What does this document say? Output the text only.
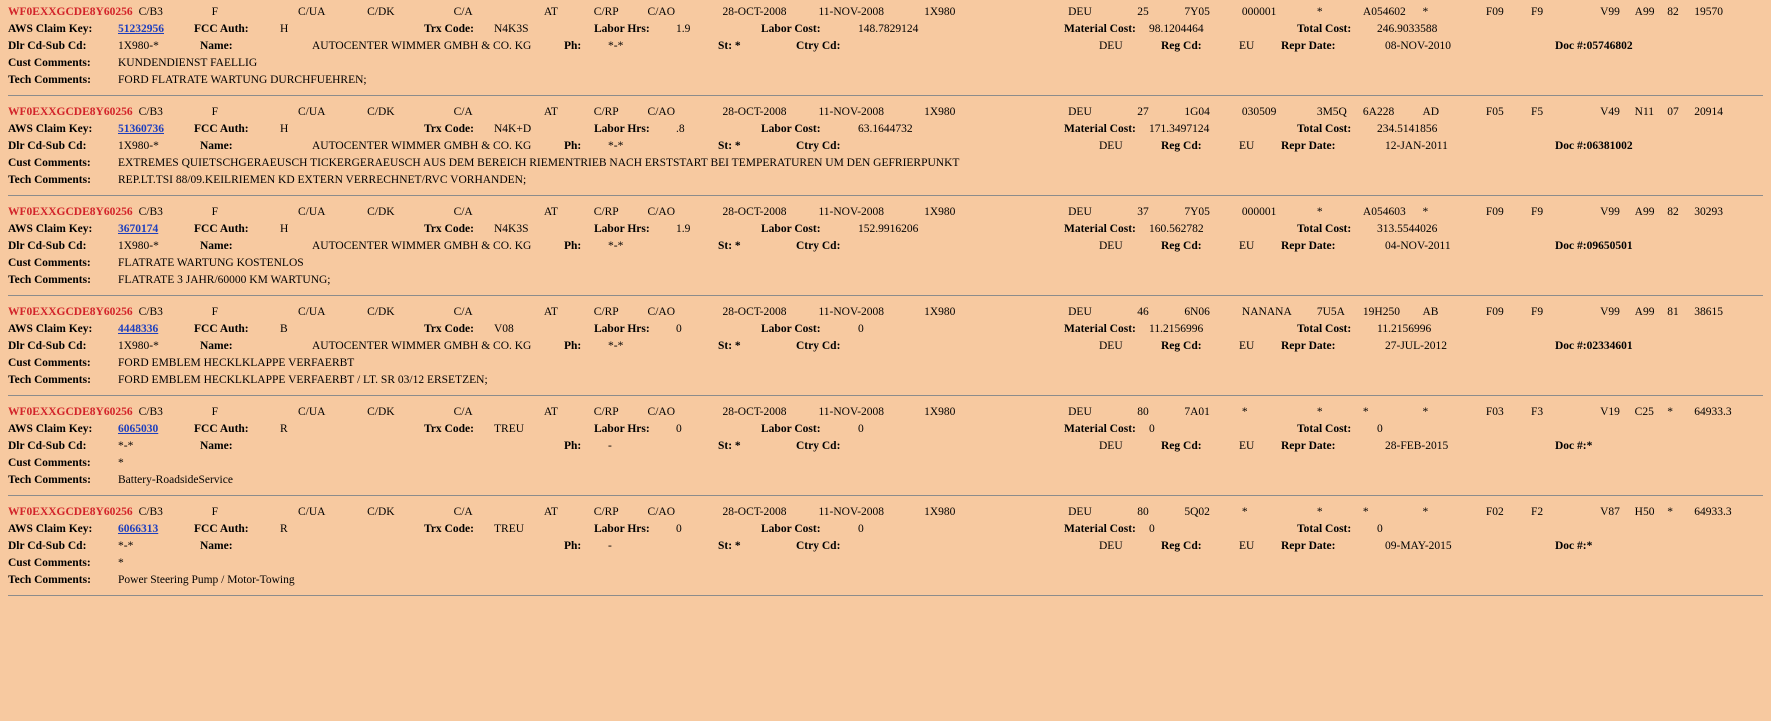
WF0EXXGCDE8Y60256 C/B3	F	C/UA	C/DK	C/A	AT	C/RP	C/AO	28-OCT-2008	11-NOV-2008	1X980	DEU	25	7Y05	000001	*	A054602	*	F09	F9	V99	A99	82	19570
AWS Claim Key:	51232956	FCC Auth:	H	Trx Code:	N4K3S	Labor Hrs:	1.9	Labor Cost:	148.7829124	Material Cost:	98.1204464	Total Cost:	246.9033588
Dlr Cd-Sub Cd:	1X980-*	Name:	AUTOCENTER WIMMER GMBH & CO. KG	Ph:	*-*	St: *	Ctry Cd:	DEU	Reg Cd:	EU	Repr Date:	08-NOV-2010	Doc #:05746802
Cust Comments:	KUNDENDIENST FAELLIG
Tech Comments:	FORD FLATRATE WARTUNG DURCHFUEHREN;
WF0EXXGCDE8Y60256 C/B3	F	C/UA	C/DK	C/A	AT	C/RP	C/AO	28-OCT-2008	11-NOV-2008	1X980	DEU	27	1G04	030509	3M5Q	6A228	AD	F05	F5	V49	N11	07	20914
AWS Claim Key:	51360736	FCC Auth:	H	Trx Code:	N4K+D	Labor Hrs:	.8	Labor Cost:	63.1644732	Material Cost:	171.3497124	Total Cost:	234.5141856
Dlr Cd-Sub Cd:	1X980-*	Name:	AUTOCENTER WIMMER GMBH & CO. KG	Ph:	*-*	St: *	Ctry Cd:	DEU	Reg Cd:	EU	Repr Date:	12-JAN-2011	Doc #:06381002
Cust Comments:	EXTREMES QUIETSCHGERAEUSCH TICKERGERAEUSCH AUS DEM BEREICH RIEMENTRIEB NACH ERSTSTART BEI TEMPERATUREN UM DEN GEFRIERPUNKT
Tech Comments:	REP.LT.TSI 88/09.KEILRIEMEN KD EXTERN VERRECHNET/RVC VORHANDEN;
WF0EXXGCDE8Y60256 C/B3	F	C/UA	C/DK	C/A	AT	C/RP	C/AO	28-OCT-2008	11-NOV-2008	1X980	DEU	37	7Y05	000001	*	A054603	*	F09	F9	V99	A99	82	30293
AWS Claim Key:	3670174	FCC Auth:	H	Trx Code:	N4K3S	Labor Hrs:	1.9	Labor Cost:	152.9916206	Material Cost:	160.562782	Total Cost:	313.5544026
Dlr Cd-Sub Cd:	1X980-*	Name:	AUTOCENTER WIMMER GMBH & CO. KG	Ph:	*-*	St: *	Ctry Cd:	DEU	Reg Cd:	EU	Repr Date:	04-NOV-2011	Doc #:09650501
Cust Comments:	FLATRATE WARTUNG KOSTENLOS
Tech Comments:	FLATRATE 3 JAHR/60000 KM WARTUNG;
WF0EXXGCDE8Y60256 C/B3	F	C/UA	C/DK	C/A	AT	C/RP	C/AO	28-OCT-2008	11-NOV-2008	1X980	DEU	46	6N06	NANANA	7U5A	19H250	AB	F09	F9	V99	A99	81	38615
AWS Claim Key:	4448336	FCC Auth:	B	Trx Code:	V08	Labor Hrs:	0	Labor Cost:	0	Material Cost:	11.2156996	Total Cost:	11.2156996
Dlr Cd-Sub Cd:	1X980-*	Name:	AUTOCENTER WIMMER GMBH & CO. KG	Ph:	*-*	St: *	Ctry Cd:	DEU	Reg Cd:	EU	Repr Date:	27-JUL-2012	Doc #:02334601
Cust Comments:	FORD EMBLEM HECKLKLAPPE VERFAERBT
Tech Comments:	FORD EMBLEM HECKLKLAPPE VERFAERBT / LT. SR 03/12 ERSETZEN;
WF0EXXGCDE8Y60256 C/B3	F	C/UA	C/DK	C/A	AT	C/RP	C/AO	28-OCT-2008	11-NOV-2008	1X980	DEU	80	7A01	*	*	*	*	F03	F3	V19	C25	*	64933.3
AWS Claim Key:	6065030	FCC Auth:	R	Trx Code:	TREU	Labor Hrs:	0	Labor Cost:	0	Material Cost:	0	Total Cost:	0
Dlr Cd-Sub Cd:	*-*	Name:	Ph:	-	St: *	Ctry Cd:	DEU	Reg Cd:	EU	Repr Date:	28-FEB-2015	Doc #:*
Cust Comments:	*
Tech Comments:	Battery-RoadsideService
WF0EXXGCDE8Y60256 C/B3	F	C/UA	C/DK	C/A	AT	C/RP	C/AO	28-OCT-2008	11-NOV-2008	1X980	DEU	80	5Q02	*	*	*	*	F02	F2	V87	H50	*	64933.3
AWS Claim Key:	6066313	FCC Auth:	R	Trx Code:	TREU	Labor Hrs:	0	Labor Cost:	0	Material Cost:	0	Total Cost:	0
Dlr Cd-Sub Cd:	*-*	Name:	Ph:	-	St: *	Ctry Cd:	DEU	Reg Cd:	EU	Repr Date:	09-MAY-2015	Doc #:*
Cust Comments:	*
Tech Comments:	Power Steering Pump / Motor-Towing
